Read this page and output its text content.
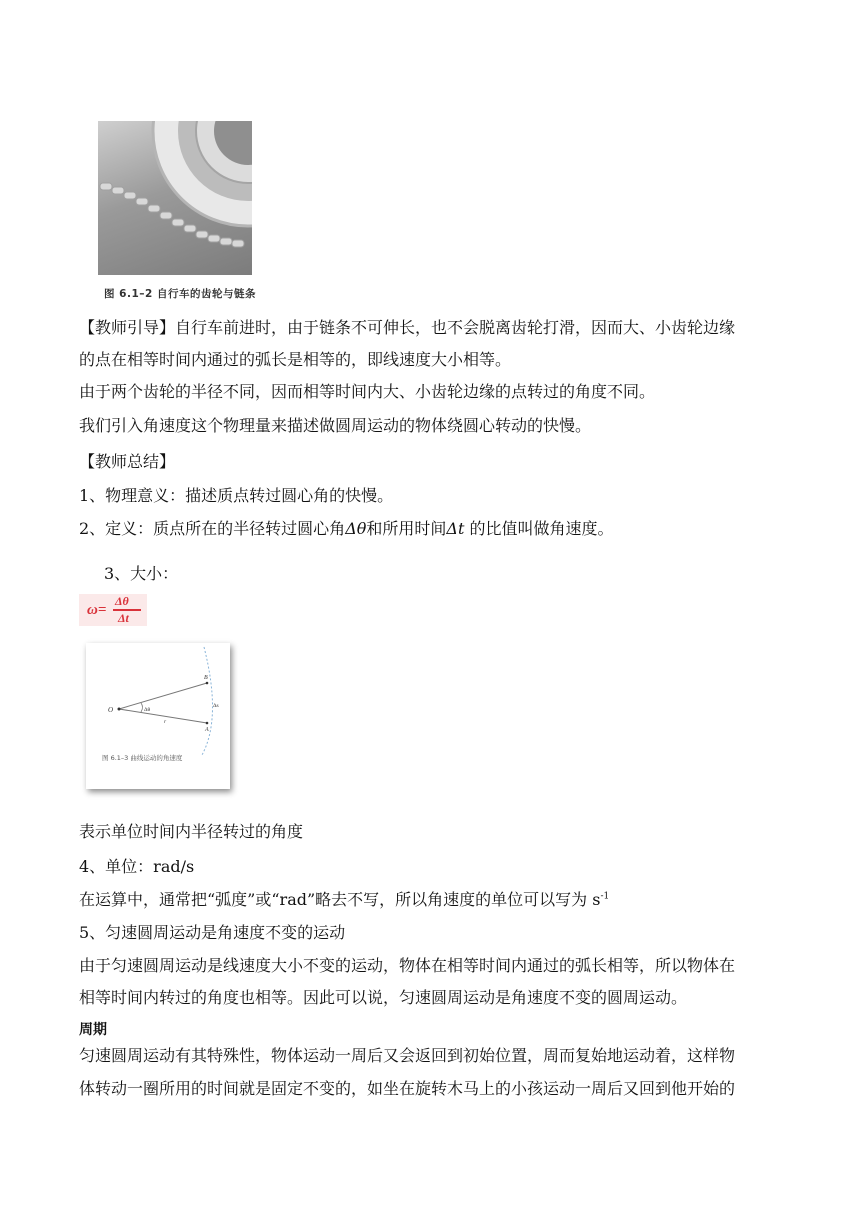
图 6.1–2 自行车的齿轮与链条
【教师引导】自行车前进时，由于链条不可伸长，也不会脱离齿轮打滑，因而大、小齿轮边缘
的点在相等时间内通过的弧长是相等的，即线速度大小相等。
由于两个齿轮的半径不同，因而相等时间内大、小齿轮边缘的点转过的角度不同。
我们引入角速度这个物理量来描述做圆周运动的物体绕圆心转动的快慢。
【教师总结】
1、物理意义：描述质点转过圆心角的快慢。
2、定义：质点所在的半径转过圆心角Δθ和所用时间Δt 的比值叫做角速度。
3、大小：
ω=
Δθ
Δt
O
B
A
Δθ
Δs
r
图 6.1–3 曲线运动的角速度
表示单位时间内半径转过的角度
4、单位：rad/s
在运算中，通常把“弧度”或“rad”略去不写，所以角速度的单位可以写为 $s^{-1}$
5、匀速圆周运动是角速度不变的运动
由于匀速圆周运动是线速度大小不变的运动，物体在相等时间内通过的弧长相等，所以物体在
相等时间内转过的角度也相等。因此可以说，匀速圆周运动是角速度不变的圆周运动。
周期
匀速圆周运动有其特殊性，物体运动一周后又会返回到初始位置，周而复始地运动着，这样物
体转动一圈所用的时间就是固定不变的，如坐在旋转木马上的小孩运动一周后又回到他开始的
